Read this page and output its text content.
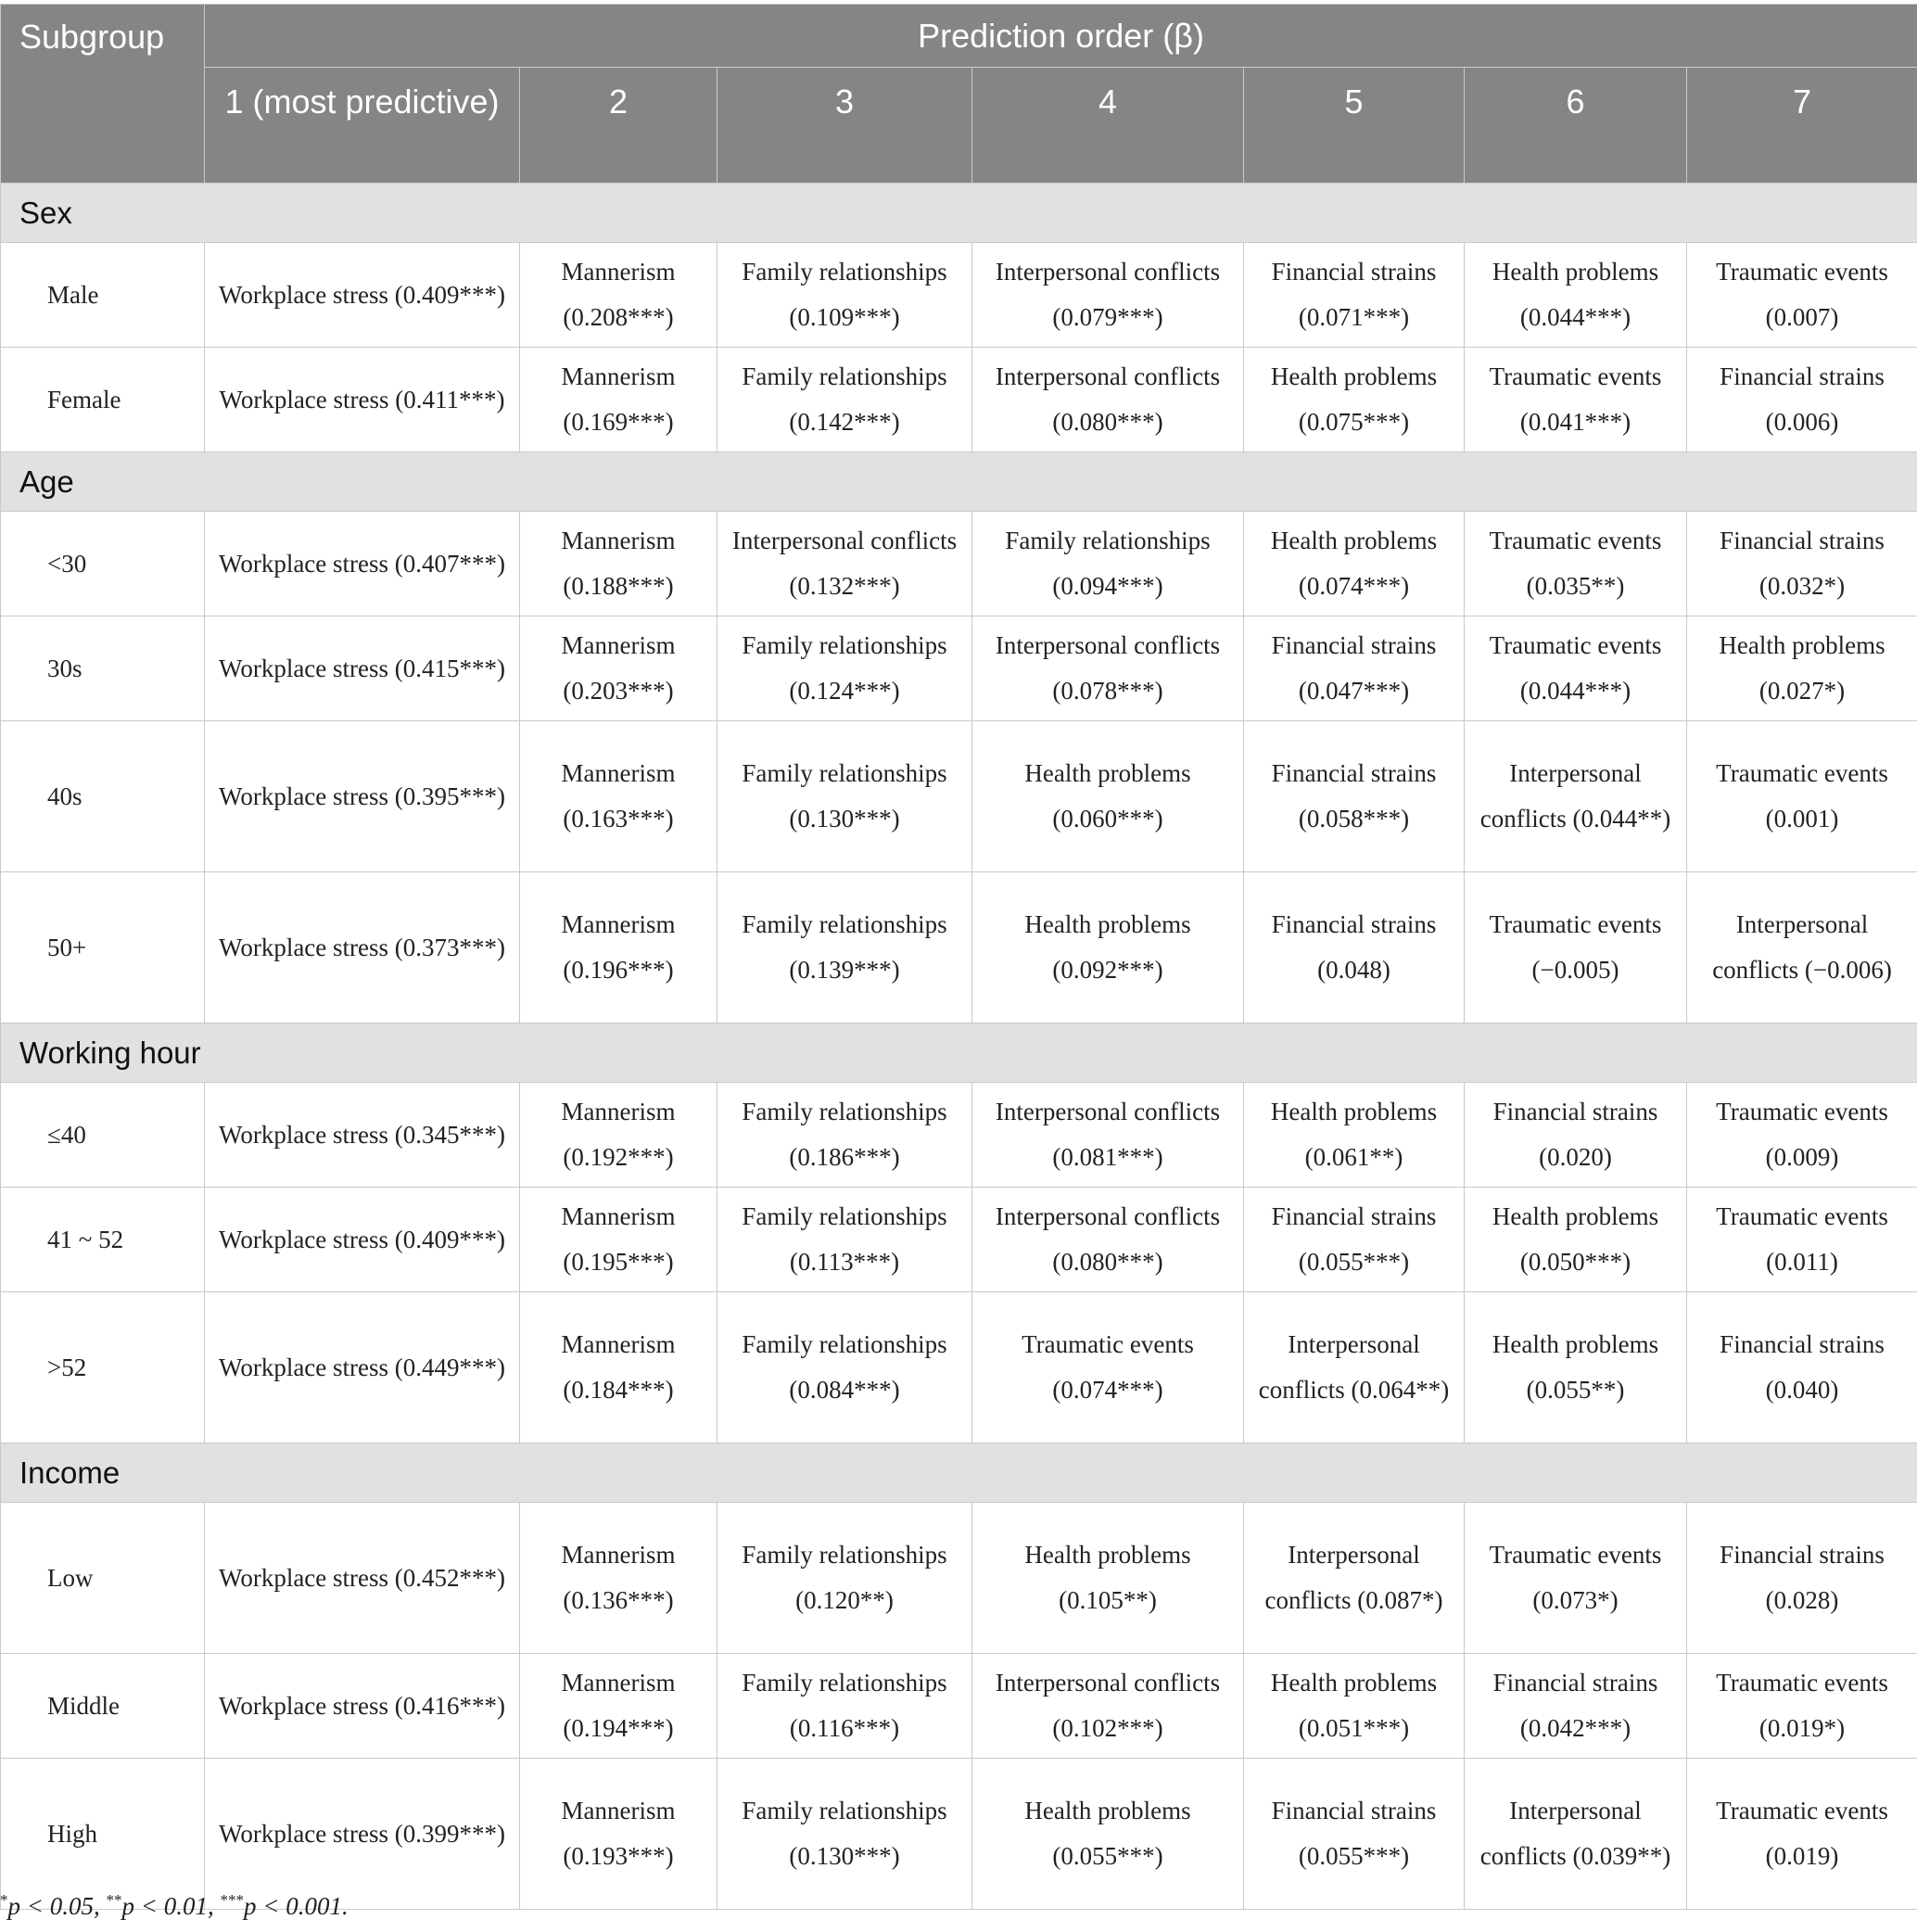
Subgroup	Prediction order (β)						
	1 (most predictive)	2	3	4	5	6	7
Sex							
Male	Workplace stress (0.409***)	Mannerism (0.208***)	Family relationships (0.109***)	Interpersonal conflicts (0.079***)	Financial strains (0.071***)	Health problems (0.044***)	Traumatic events (0.007)
Female	Workplace stress (0.411***)	Mannerism (0.169***)	Family relationships (0.142***)	Interpersonal conflicts (0.080***)	Health problems (0.075***)	Traumatic events (0.041***)	Financial strains (0.006)
Age							
<30	Workplace stress (0.407***)	Mannerism (0.188***)	Interpersonal conflicts (0.132***)	Family relationships (0.094***)	Health problems (0.074***)	Traumatic events (0.035**)	Financial strains (0.032*)
30s	Workplace stress (0.415***)	Mannerism (0.203***)	Family relationships (0.124***)	Interpersonal conflicts (0.078***)	Financial strains (0.047***)	Traumatic events (0.044***)	Health problems (0.027*)
40s	Workplace stress (0.395***)	Mannerism (0.163***)	Family relationships (0.130***)	Health problems (0.060***)	Financial strains (0.058***)	Interpersonal conflicts (0.044**)	Traumatic events (0.001)
50+	Workplace stress (0.373***)	Mannerism (0.196***)	Family relationships (0.139***)	Health problems (0.092***)	Financial strains (0.048)	Traumatic events (−0.005)	Interpersonal conflicts (−0.006)
Working hour							
≤40	Workplace stress (0.345***)	Mannerism (0.192***)	Family relationships (0.186***)	Interpersonal conflicts (0.081***)	Health problems (0.061**)	Financial strains (0.020)	Traumatic events (0.009)
41 ~ 52	Workplace stress (0.409***)	Mannerism (0.195***)	Family relationships (0.113***)	Interpersonal conflicts (0.080***)	Financial strains (0.055***)	Health problems (0.050***)	Traumatic events (0.011)
>52	Workplace stress (0.449***)	Mannerism (0.184***)	Family relationships (0.084***)	Traumatic events (0.074***)	Interpersonal conflicts (0.064**)	Health problems (0.055**)	Financial strains (0.040)
Income							
Low	Workplace stress (0.452***)	Mannerism (0.136***)	Family relationships (0.120**)	Health problems (0.105**)	Interpersonal conflicts (0.087*)	Traumatic events (0.073*)	Financial strains (0.028)
Middle	Workplace stress (0.416***)	Mannerism (0.194***)	Family relationships (0.116***)	Interpersonal conflicts (0.102***)	Health problems (0.051***)	Financial strains (0.042***)	Traumatic events (0.019*)
High	Workplace stress (0.399***)	Mannerism (0.193***)	Family relationships (0.130***)	Health problems (0.055***)	Financial strains (0.055***)	Interpersonal conflicts (0.039**)	Traumatic events (0.019)
*p < 0.05, **p < 0.01, ***p < 0.001.
